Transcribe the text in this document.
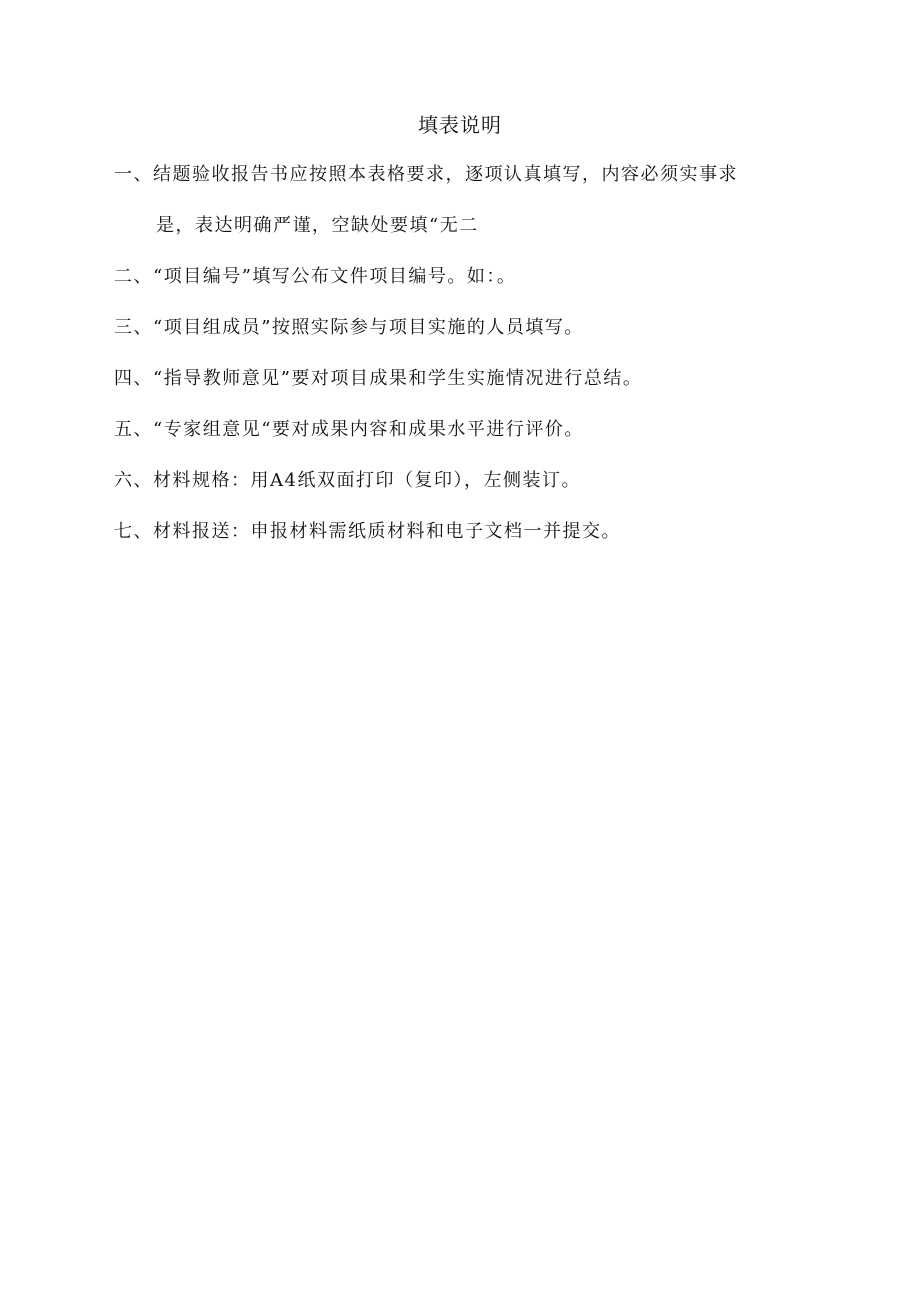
填表说明
一、结题验收报告书应按照本表格要求，逐项认真填写，内容必须实事求
是，表达明确严谨，空缺处要填“无二
二、“项目编号”填写公布文件项目编号。如：。
三、“项目组成员”按照实际参与项目实施的人员填写。
四、“指导教师意见”要对项目成果和学生实施情况进行总结。
五、“专家组意见“要对成果内容和成果水平进行评价。
六、材料规格：用A4纸双面打印（复印），左侧装订。
七、材料报送：申报材料需纸质材料和电子文档一并提交。
